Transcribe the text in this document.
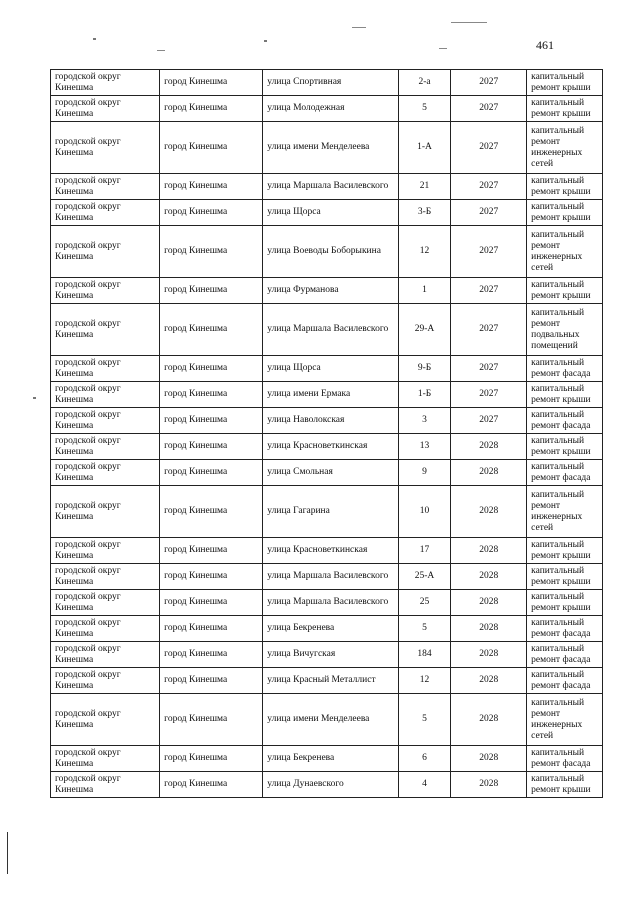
461
городской округ Кинешма	город Кинешма	улица Спортивная	2-а	2027	капитальный ремонт крыши
городской округ Кинешма	город Кинешма	улица Молодежная	5	2027	капитальный ремонт крыши
городской округ Кинешма	город Кинешма	улица имени Менделеева	1-А	2027	капитальный ремонт инженерных сетей
городской округ Кинешма	город Кинешма	улица Маршала Василевского	21	2027	капитальный ремонт крыши
городской округ Кинешма	город Кинешма	улица Щорса	3-Б	2027	капитальный ремонт крыши
городской округ Кинешма	город Кинешма	улица Воеводы Боборыкина	12	2027	капитальный ремонт инженерных сетей
городской округ Кинешма	город Кинешма	улица Фурманова	1	2027	капитальный ремонт крыши
городской округ Кинешма	город Кинешма	улица Маршала Василевского	29-А	2027	капитальный ремонт подвальных помещений
городской округ Кинешма	город Кинешма	улица Щорса	9-Б	2027	капитальный ремонт фасада
городской округ Кинешма	город Кинешма	улица имени Ермака	1-Б	2027	капитальный ремонт крыши
городской округ Кинешма	город Кинешма	улица Наволокская	3	2027	капитальный ремонт фасада
городской округ Кинешма	город Кинешма	улица Красноветкинская	13	2028	капитальный ремонт крыши
городской округ Кинешма	город Кинешма	улица Смольная	9	2028	капитальный ремонт фасада
городской округ Кинешма	город Кинешма	улица Гагарина	10	2028	капитальный ремонт инженерных сетей
городской округ Кинешма	город Кинешма	улица Красноветкинская	17	2028	капитальный ремонт крыши
городской округ Кинешма	город Кинешма	улица Маршала Василевского	25-А	2028	капитальный ремонт крыши
городской округ Кинешма	город Кинешма	улица Маршала Василевского	25	2028	капитальный ремонт крыши
городской округ Кинешма	город Кинешма	улица Бекренева	5	2028	капитальный ремонт фасада
городской округ Кинешма	город Кинешма	улица Вичугская	184	2028	капитальный ремонт фасада
городской округ Кинешма	город Кинешма	улица Красный Металлист	12	2028	капитальный ремонт фасада
городской округ Кинешма	город Кинешма	улица имени Менделеева	5	2028	капитальный ремонт инженерных сетей
городской округ Кинешма	город Кинешма	улица Бекренева	6	2028	капитальный ремонт фасада
городской округ Кинешма	город Кинешма	улица Дунаевского	4	2028	капитальный ремонт крыши
